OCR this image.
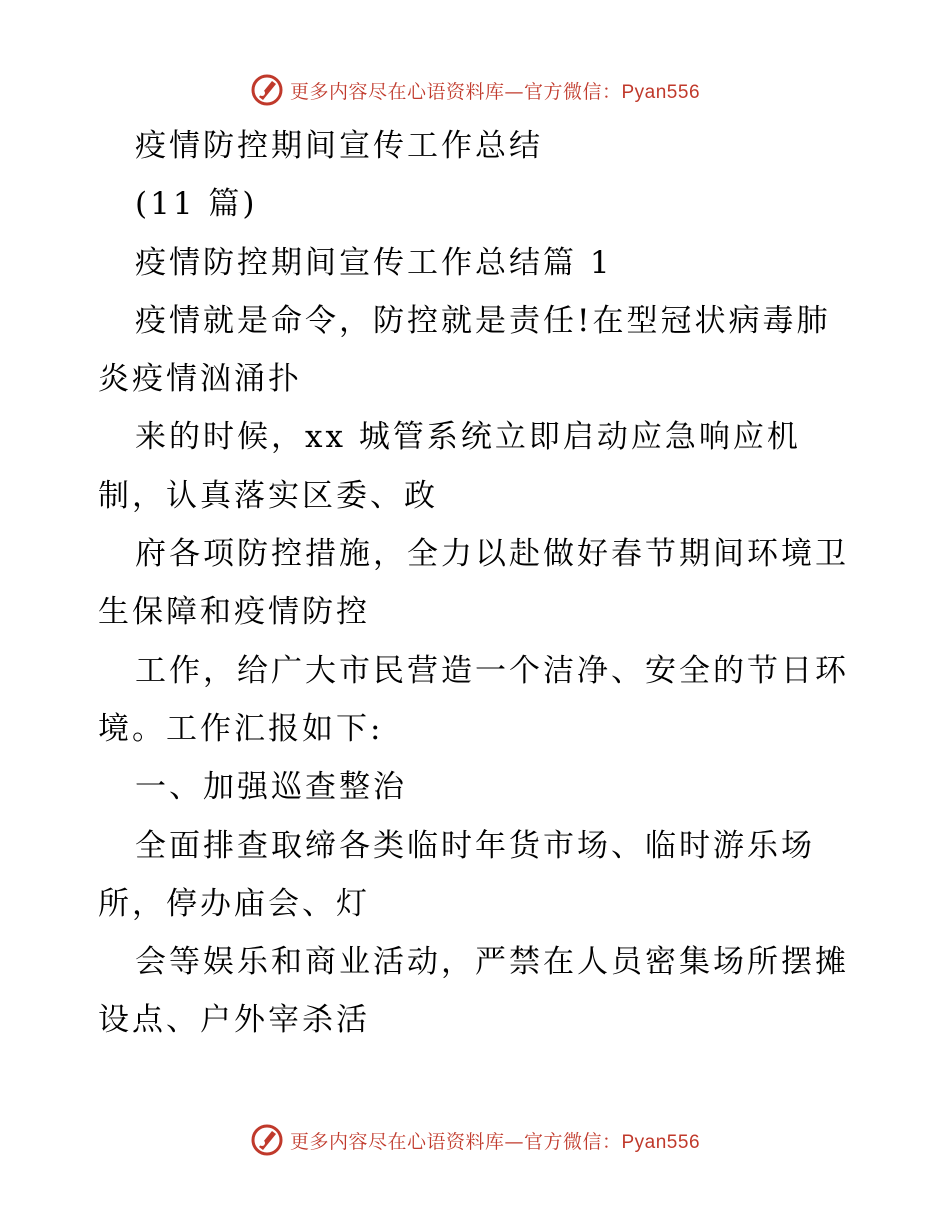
更多内容尽在心语资料库—官方微信：Pyan556
疫情防控期间宣传工作总结
(11 篇)
疫情防控期间宣传工作总结篇 1
疫情就是命令，防控就是责任!在型冠状病毒肺
炎疫情汹涌扑
来的时候，xx 城管系统立即启动应急响应机
制，认真落实区委、政
府各项防控措施，全力以赴做好春节期间环境卫
生保障和疫情防控
工作，给广大市民营造一个洁净、安全的节日环
境。工作汇报如下:
一、加强巡查整治
全面排查取缔各类临时年货市场、临时游乐场
所，停办庙会、灯
会等娱乐和商业活动，严禁在人员密集场所摆摊
设点、户外宰杀活
更多内容尽在心语资料库—官方微信：Pyan556
